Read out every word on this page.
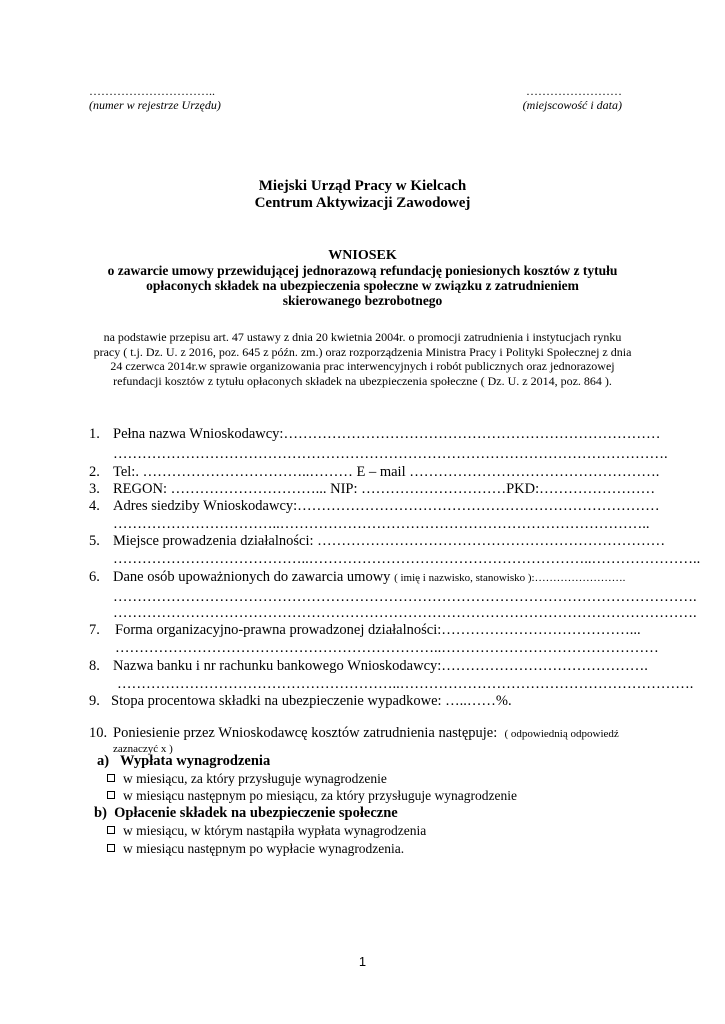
…………………………..
(numer w rejestrze Urzędu)
……………………
(miejscowość i data)
Miejski Urząd Pracy w Kielcach
Centrum Aktywizacji Zawodowej
WNIOSEK
o zawarcie umowy przewidującej jednorazową refundację poniesionych kosztów z tytułu
opłaconych składek na ubezpieczenia społeczne w związku z zatrudnieniem
skierowanego bezrobotnego
na podstawie przepisu art. 47 ustawy z dnia 20 kwietnia 2004r. o promocji zatrudnienia i instytucjach rynku
pracy ( t.j. Dz. U. z 2016, poz. 645 z późn. zm.) oraz rozporządzenia Ministra Pracy i Polityki Społecznej z dnia
24 czerwca 2014r.w sprawie organizowania prac interwencyjnych i robót publicznych oraz jednorazowej
refundacji kosztów z tytułu opłaconych składek na ubezpieczenia społeczne ( Dz. U. z 2014, poz. 864 ).
1. Pełna nazwa Wnioskodawcy:……………………………………………………………………
…………………………………………………………………………………………………….
2. Tel:. ……………………………..……… E – mail …………………………………………….
3. REGON: …………………………... NIP: …………………………PKD:……………………
4. Adres siedziby Wnioskodawcy:…………………………………………………………………
……………………………..…………………………………………………………………..
5. Miejsce prowadzenia działalności: ………………………………………………………………
…………………………………..…………………………………………………..…………………..
6. Dane osób upoważnionych do zawarcia umowy ( imię i nazwisko, stanowisko ):…………………….
………………………………………………………………………………………………………….
………………………………………………………………………………………………………….
7. Forma organizacyjno-prawna prowadzonej działalności:…………………………………...
…………………………………………………………..………………………………………
8. Nazwa banku i nr rachunku bankowego Wnioskodawcy:…………………………………….
…………………………………………………..…………………………………………………….
9. Stopa procentowa składki na ubezpieczenie wypadkowe: …..……%.
10. Poniesienie przez Wnioskodawcę kosztów zatrudnienia następuje: ( odpowiednią odpowiedź
zaznaczyć x )
a) Wypłata wynagrodzenia
w miesiącu, za który przysługuje wynagrodzenie
w miesiącu następnym po miesiącu, za który przysługuje wynagrodzenie
b) Opłacenie składek na ubezpieczenie społeczne
w miesiącu, w którym nastąpiła wypłata wynagrodzenia
w miesiącu następnym po wypłacie wynagrodzenia.
1
